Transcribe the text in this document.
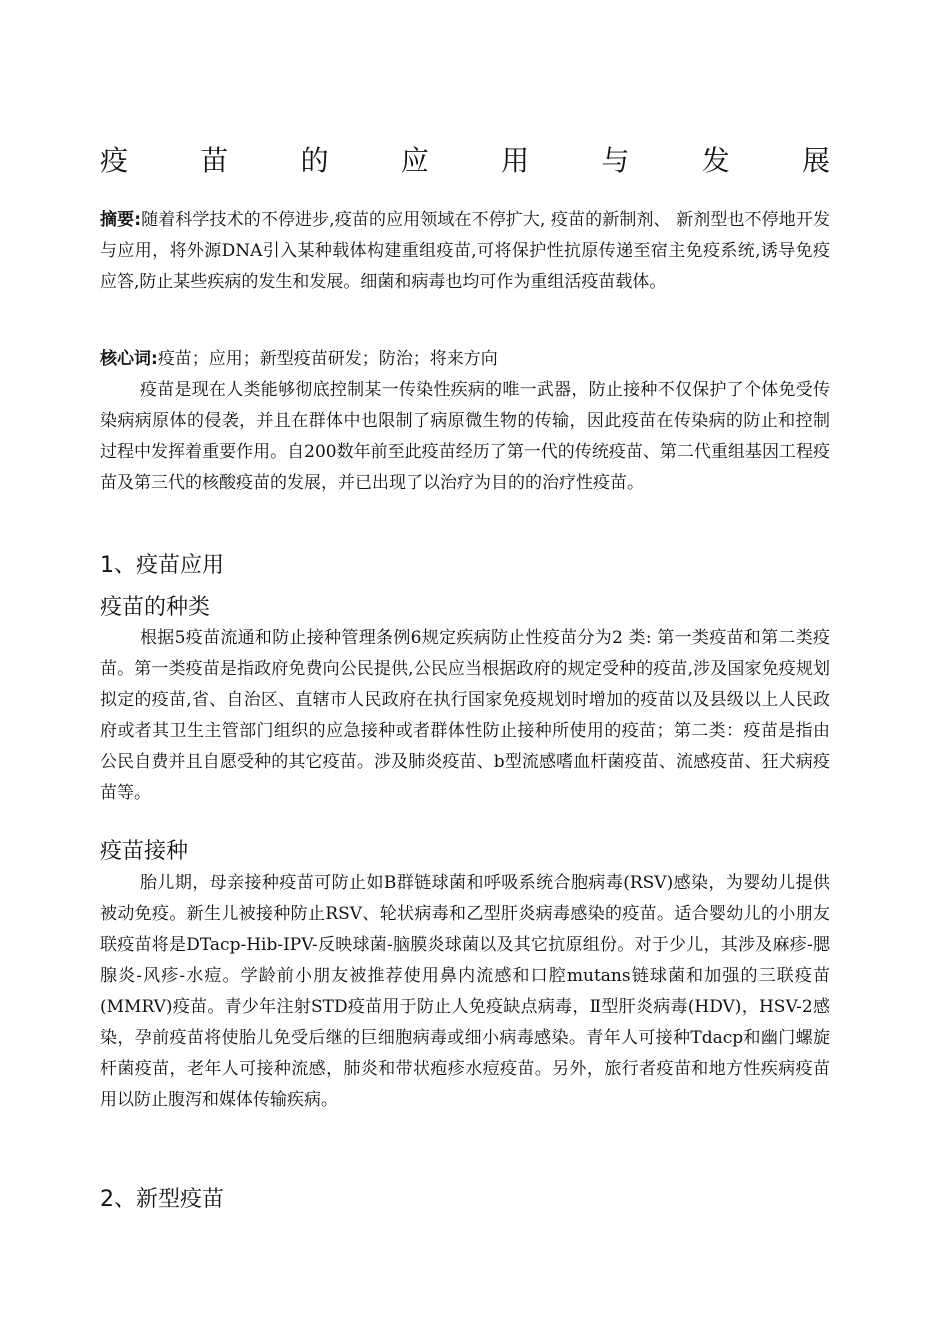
疫	苗	的	应	用	与	发	展

摘要:随着科学技术的不停进步,疫苗的应用领域在不停扩大, 疫苗的新制剂、 新剂型也不停地开发与应用，将外源DNA引入某种载体构建重组疫苗,可将保护性抗原传递至宿主免疫系统,诱导免疫应答,防止某些疾病的发生和发展。细菌和病毒也均可作为重组活疫苗载体。

核心词:疫苗；应用；新型疫苗研发；防治；将来方向

疫苗是现在人类能够彻底控制某一传染性疾病的唯一武器，防止接种不仅保护了个体免受传染病病原体的侵袭，并且在群体中也限制了病原微生物的传输，因此疫苗在传染病的防止和控制过程中发挥着重要作用。自200数年前至此疫苗经历了第一代的传统疫苗、第二代重组基因工程疫苗及第三代的核酸疫苗的发展，并已出现了以治疗为目的的治疗性疫苗。

1、疫苗应用
疫苗的种类

根据5疫苗流通和防止接种管理条例6规定疾病防止性疫苗分为2 类: 第一类疫苗和第二类疫苗。第一类疫苗是指政府免费向公民提供,公民应当根据政府的规定受种的疫苗,涉及国家免疫规划拟定的疫苗,省、自治区、直辖市人民政府在执行国家免疫规划时增加的疫苗以及县级以上人民政府或者其卫生主管部门组织的应急接种或者群体性防止接种所使用的疫苗；第二类：疫苗是指由公民自费并且自愿受种的其它疫苗。涉及肺炎疫苗、b型流感嗜血杆菌疫苗、流感疫苗、狂犬病疫苗等。

疫苗接种

胎儿期，母亲接种疫苗可防止如B群链球菌和呼吸系统合胞病毒(RSV)感染，为婴幼儿提供被动免疫。新生儿被接种防止RSV、轮状病毒和乙型肝炎病毒感染的疫苗。适合婴幼儿的小朋友联疫苗将是DTacp-Hib-IPV-反映球菌-脑膜炎球菌以及其它抗原组份。对于少儿，其涉及麻疹-腮腺炎-风疹-水痘。学龄前小朋友被推荐使用鼻内流感和口腔mutans链球菌和加强的三联疫苗(MMRV)疫苗。青少年注射STD疫苗用于防止人免疫缺点病毒，Ⅱ型肝炎病毒(HDV)，HSV-2感染，孕前疫苗将使胎儿免受后继的巨细胞病毒或细小病毒感染。青年人可接种Tdacp和幽门螺旋杆菌疫苗，老年人可接种流感，肺炎和带状疱疹水痘疫苗。另外，旅行者疫苗和地方性疾病疫苗用以防止腹泻和媒体传输疾病。

2、新型疫苗
